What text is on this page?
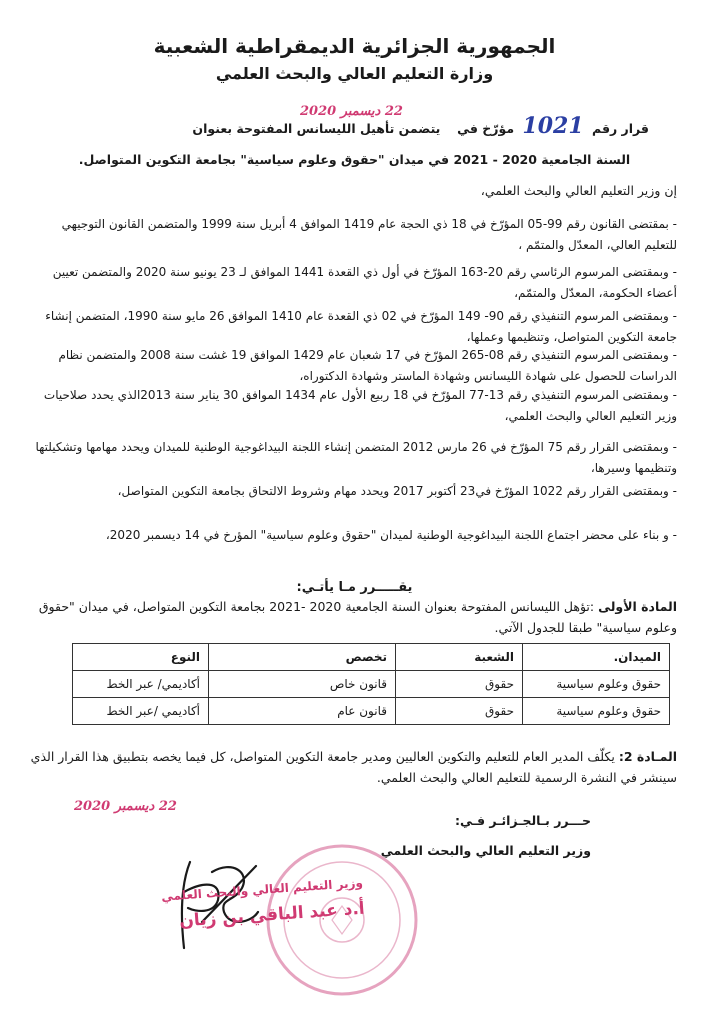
الجمهورية الجزائرية الديمقراطية الشعبية
وزارة التعليم العالي والبحث العلمي
قرار رقم 1021 مؤرّخ في  يتضمن تأهيل الليسانس المفتوحة بعنوان
22 ديسمبر 2020
السنة الجامعية 2020 - 2021 في ميدان "حقوق وعلوم سياسية" بجامعة التكوين المتواصل.
إن وزير التعليم العالي والبحث العلمي،
- بمقتضى القانون رقم 99-05 المؤرّخ في 18 ذي الحجة عام 1419 الموافق 4 أبريل سنة 1999 والمتضمن القانون التوجيهي للتعليم العالي، المعدّل والمتمّم ،
- وبمقتضى المرسوم الرئاسي رقم 20-163 المؤرّخ في أول ذي القعدة 1441 الموافق لـ 23 يونيو سنة 2020 والمتضمن تعيين أعضاء الحكومة، المعدّل والمتمّم،
- وبمقتضى المرسوم التنفيذي رقم 90- 149 المؤرّخ في 02 ذي القعدة عام 1410 الموافق 26 مايو سنة 1990، المتضمن إنشاء جامعة التكوين المتواصل، وتنظيمها وعملها،
- وبمقتضى المرسوم التنفيذي رقم 08-265 المؤرّخ في 17 شعبان عام 1429 الموافق 19 غشت سنة 2008 والمتضمن نظام الدراسات للحصول على شهادة الليسانس وشهادة الماستر وشهادة الدكتوراه،
- وبمقتضى المرسوم التنفيذي رقم 13-77 المؤرّخ في 18 ربيع الأول عام 1434 الموافق 30 يناير سنة 2013الذي يحدد صلاحيات وزير التعليم العالي والبحث العلمي،
- وبمقتضى القرار رقم 75 المؤرّخ في 26 مارس 2012 المتضمن إنشاء اللجنة البيداغوجية الوطنية للميدان ويحدد مهامها وتشكيلتها وتنظيمها وسيرها،
- وبمقتضى القرار رقم 1022 المؤرّخ في23 أكتوبر 2017 ويحدد مهام وشروط الالتحاق بجامعة التكوين المتواصل،
- و بناء على محضر اجتماع اللجنة البيداغوجية الوطنية لميدان "حقوق وعلوم سياسية" المؤرخ في 14 ديسمبر 2020،
يقـــــرر مـا يأتـي:
المادة الأولى :تؤهل الليسانس المفتوحة بعنوان السنة الجامعية 2020 -2021 بجامعة التكوين المتواصل، في ميدان "حقوق وعلوم سياسية" طبقا للجدول الآتي.
الميدان.	الشعبة	تخصص	النوع
حقوق وعلوم سياسية	حقوق	قانون خاص	أكاديمي/ عبر الخط
حقوق وعلوم سياسية	حقوق	قانون عام	أكاديمي /عبر الخط
المـادة 2: يكلّف المدير العام للتعليم والتكوين العاليين ومدير جامعة التكوين المتواصل، كل فيما يخصه بتطبيق هذا القرار الذي سينشر في النشرة الرسمية للتعليم العالي والبحث العلمي.
22 ديسمبر 2020
حـــرر بـالجـزائـر فـي:
وزير التعليم العالي والبحث العلمي
وزير التعليم العالي والبحث العلمي
أ.د عبد الباقي بن زيان
